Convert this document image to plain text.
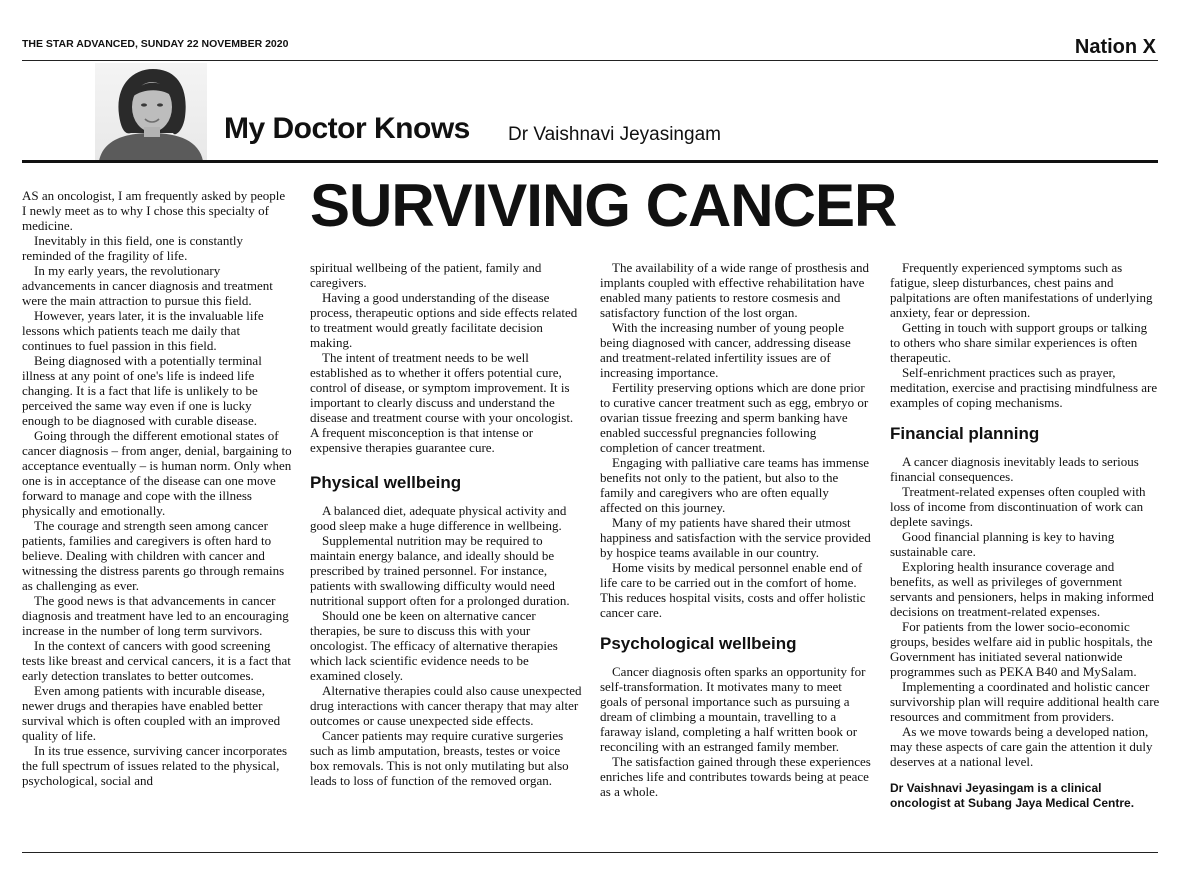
THE STAR ADVANCED, SUNDAY 22 NOVEMBER 2020	Nation X
My Doctor Knows Dr Vaishnavi Jeyasingam
SURVIVING CANCER

AS an oncologist, I am frequently asked by people I newly meet as to why I chose this specialty of medicine.

Inevitably in this field, one is constantly reminded of the fragility of life.

In my early years, the revolutionary advancements in cancer diagnosis and treatment were the main attraction to pursue this field.

However, years later, it is the invaluable life lessons which patients teach me daily that continues to fuel passion in this field.

Being diagnosed with a potentially terminal illness at any point of one's life is indeed life changing. It is a fact that life is unlikely to be perceived the same way even if one is lucky enough to be diagnosed with curable disease.

Going through the different emotional states of cancer diagnosis – from anger, denial, bargaining to acceptance eventually – is human norm. Only when one is in acceptance of the disease can one move forward to manage and cope with the illness physically and emotionally.

The courage and strength seen among cancer patients, families and caregivers is often hard to believe. Dealing with children with cancer and witnessing the distress parents go through remains as challenging as ever.

The good news is that advancements in cancer diagnosis and treatment have led to an encouraging increase in the number of long term survivors.

In the context of cancers with good screening tests like breast and cervical cancers, it is a fact that early detection translates to better outcomes.

Even among patients with incurable disease, newer drugs and therapies have enabled better survival which is often coupled with an improved quality of life.

In its true essence, surviving cancer incorporates the full spectrum of issues related to the physical, psychological, social and

spiritual wellbeing of the patient, family and caregivers.

Having a good understanding of the disease process, therapeutic options and side effects related to treatment would greatly facilitate decision making.

The intent of treatment needs to be well established as to whether it offers potential cure, control of disease, or symptom improvement. It is important to clearly discuss and understand the disease and treatment course with your oncologist. A frequent misconception is that intense or expensive therapies guarantee cure.

Physical wellbeing

A balanced diet, adequate physical activity and good sleep make a huge difference in wellbeing.

Supplemental nutrition may be required to maintain energy balance, and ideally should be prescribed by trained personnel. For instance, patients with swallowing difficulty would need nutritional support often for a prolonged duration.

Should one be keen on alternative cancer therapies, be sure to discuss this with your oncologist. The efficacy of alternative therapies which lack scientific evidence needs to be examined closely.

Alternative therapies could also cause unexpected drug interactions with cancer therapy that may alter outcomes or cause unexpected side effects.

Cancer patients may require curative surgeries such as limb amputation, breasts, testes or voice box removals. This is not only mutilating but also leads to loss of function of the removed organ.

The availability of a wide range of prosthesis and implants coupled with effective rehabilitation have enabled many patients to restore cosmesis and satisfactory function of the lost organ.

With the increasing number of young people being diagnosed with cancer, addressing disease and treatment-related infertility issues are of increasing importance.

Fertility preserving options which are done prior to curative cancer treatment such as egg, embryo or ovarian tissue freezing and sperm banking have enabled successful pregnancies following completion of cancer treatment.

Engaging with palliative care teams has immense benefits not only to the patient, but also to the family and caregivers who are often equally affected on this journey.

Many of my patients have shared their utmost happiness and satisfaction with the service provided by hospice teams available in our country.

Home visits by medical personnel enable end of life care to be carried out in the comfort of home. This reduces hospital visits, costs and offer holistic cancer care.

Psychological wellbeing

Cancer diagnosis often sparks an opportunity for self-transformation. It motivates many to meet goals of personal importance such as pursuing a dream of climbing a mountain, travelling to a faraway island, completing a half written book or reconciling with an estranged family member.

The satisfaction gained through these experiences enriches life and contributes towards being at peace as a whole.

Frequently experienced symptoms such as fatigue, sleep disturbances, chest pains and palpitations are often manifestations of underlying anxiety, fear or depression.

Getting in touch with support groups or talking to others who share similar experiences is often therapeutic.

Self-enrichment practices such as prayer, meditation, exercise and practising mindfulness are examples of coping mechanisms.

Financial planning

A cancer diagnosis inevitably leads to serious financial consequences.

Treatment-related expenses often coupled with loss of income from discontinuation of work can deplete savings.

Good financial planning is key to having sustainable care.

Exploring health insurance coverage and benefits, as well as privileges of government servants and pensioners, helps in making informed decisions on treatment-related expenses.

For patients from the lower socio-economic groups, besides welfare aid in public hospitals, the Government has initiated several nationwide programmes such as PEKA B40 and MySalam.

Implementing a coordinated and holistic cancer survivorship plan will require additional health care resources and commitment from providers.

As we move towards being a developed nation, may these aspects of care gain the attention it duly deserves at a national level.

Dr Vaishnavi Jeyasingam is a clinical oncologist at Subang Jaya Medical Centre.
